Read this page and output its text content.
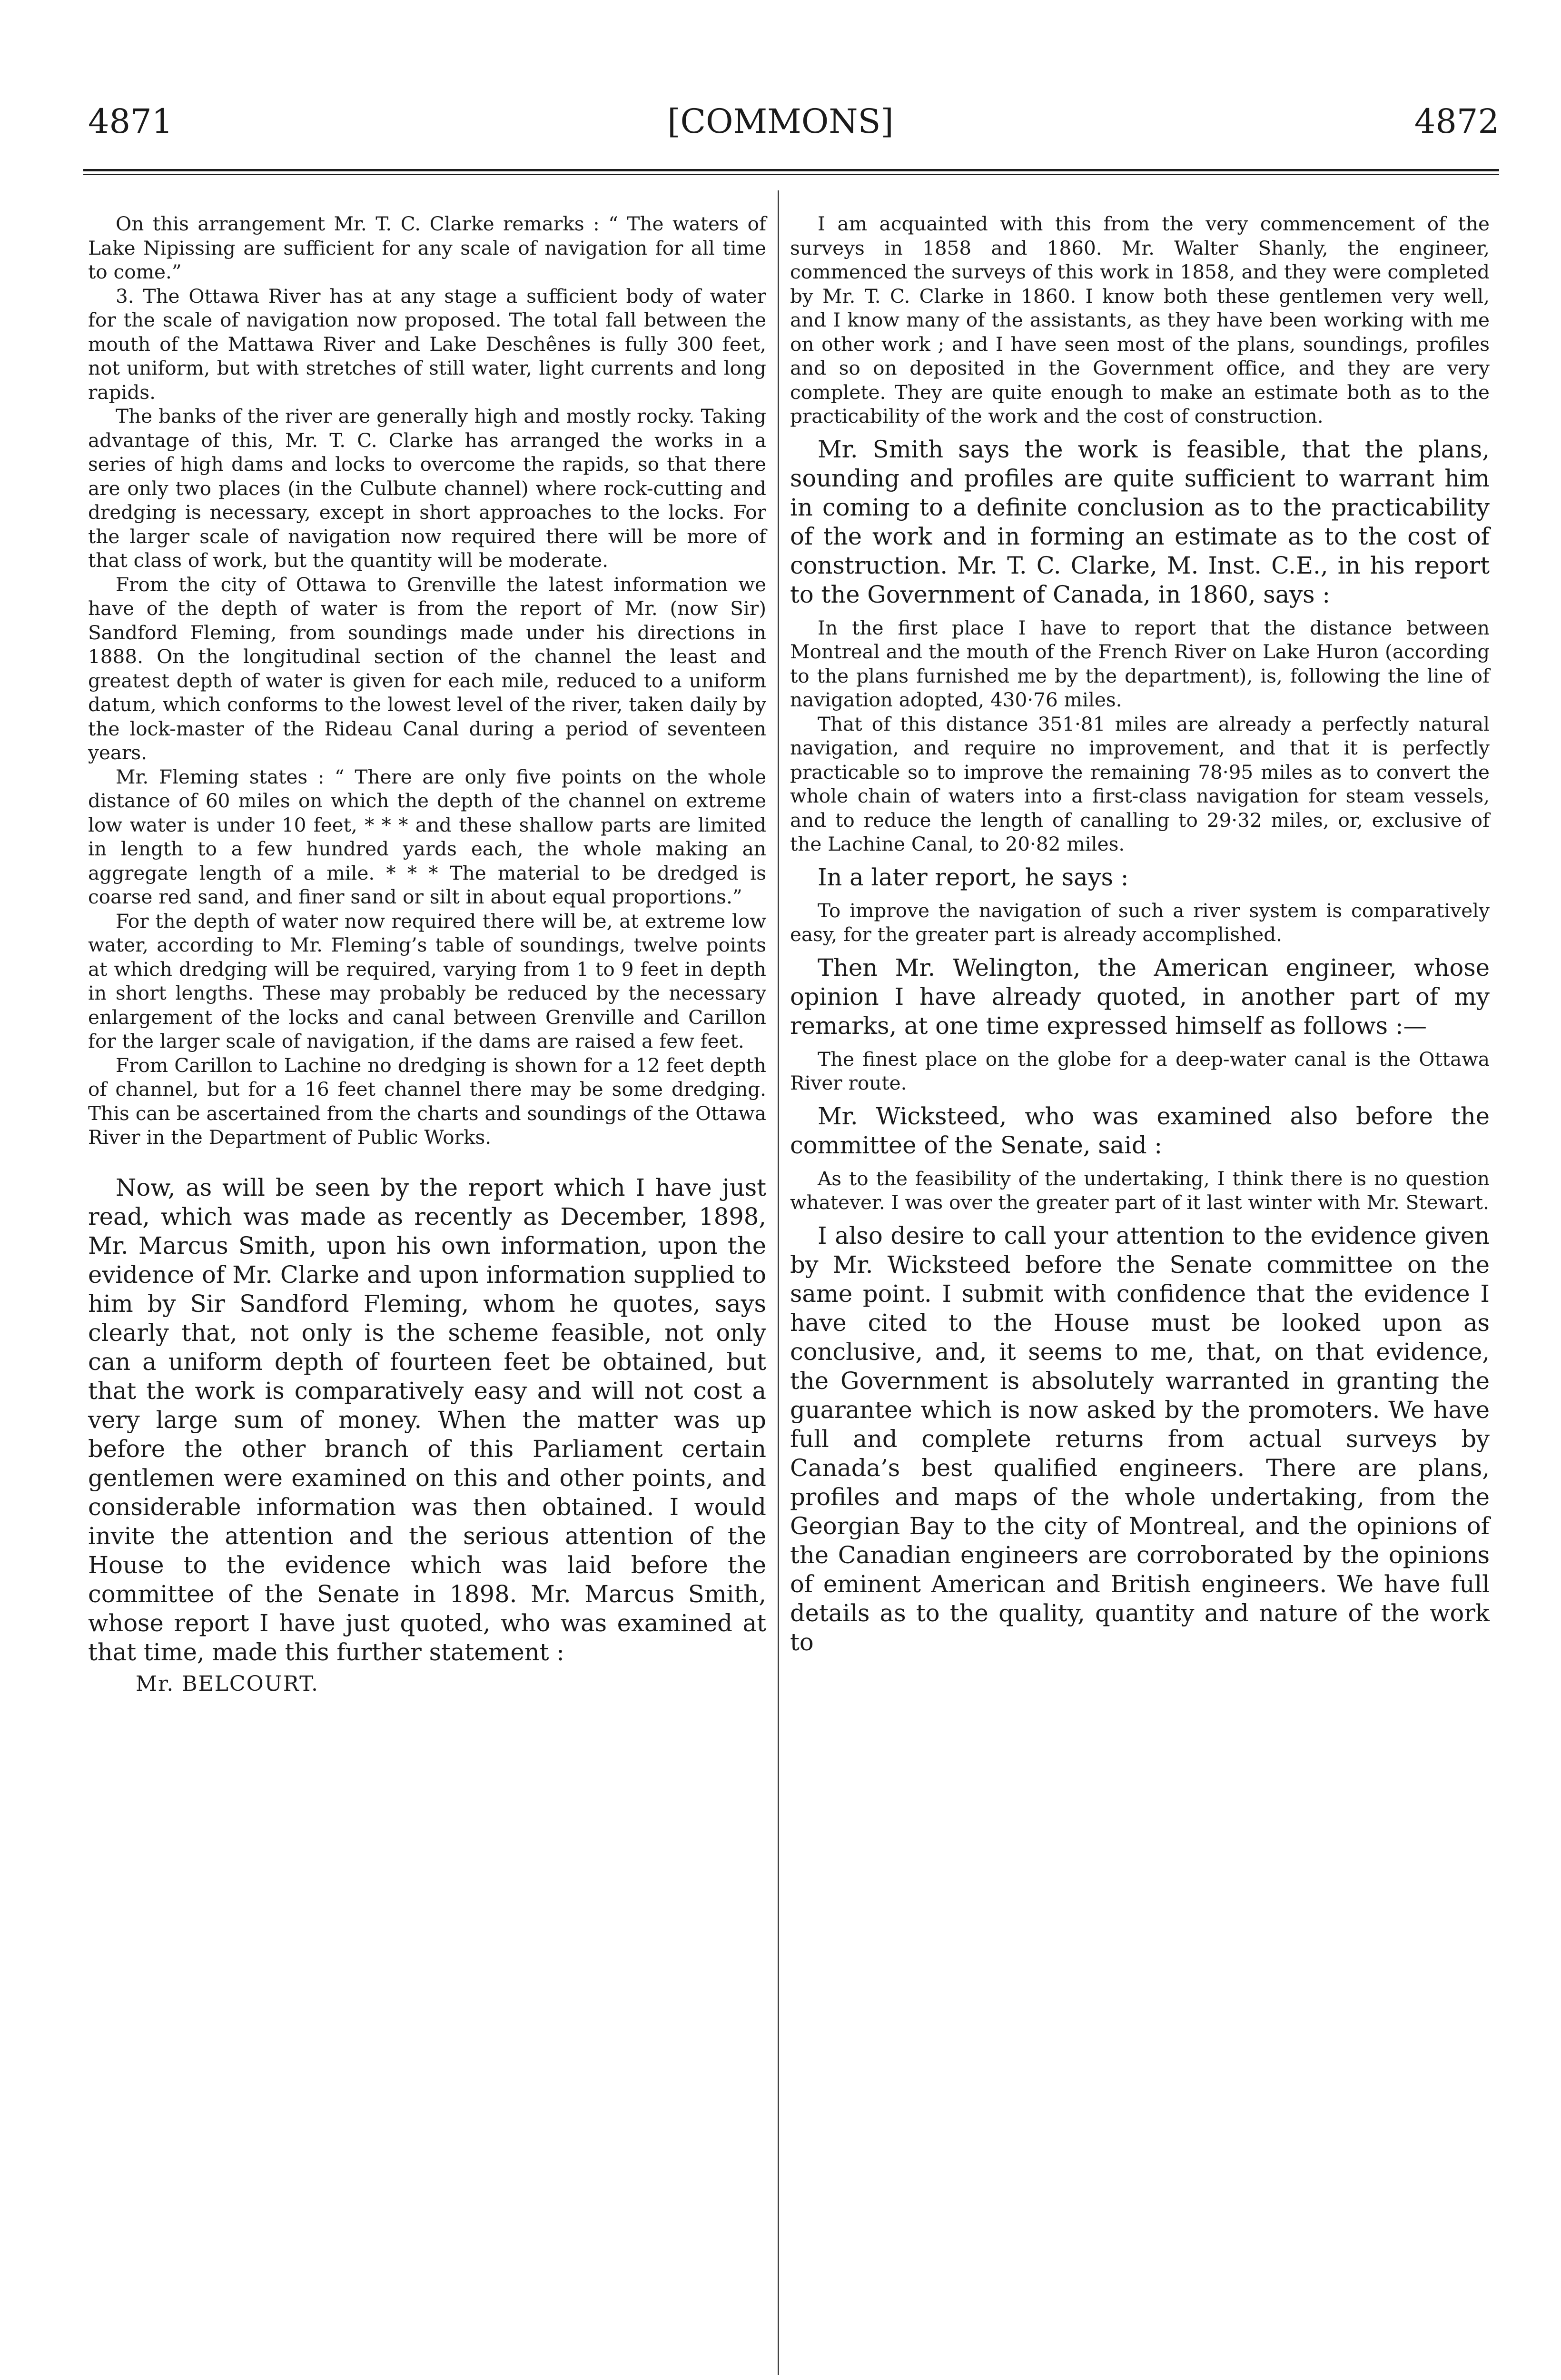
4871	[COMMONS]	4872

On this arrangement Mr. T. C. Clarke remarks : “ The waters of Lake Nipissing are sufficient for any scale of navigation for all time to come.”

3. The Ottawa River has at any stage a sufficient body of water for the scale of navigation now proposed. The total fall between the mouth of the Mattawa River and Lake Deschênes is fully 300 feet, not uniform, but with stretches of still water, light currents and long rapids.

The banks of the river are generally high and mostly rocky. Taking advantage of this, Mr. T. C. Clarke has arranged the works in a series of high dams and locks to overcome the rapids, so that there are only two places (in the Culbute channel) where rock-cutting and dredging is necessary, except in short approaches to the locks. For the larger scale of navigation now required there will be more of that class of work, but the quantity will be moderate.

From the city of Ottawa to Grenville the latest information we have of the depth of water is from the report of Mr. (now Sir) Sandford Fleming, from soundings made under his directions in 1888. On the longitudinal section of the channel the least and greatest depth of water is given for each mile, reduced to a uniform datum, which conforms to the lowest level of the river, taken daily by the lock-master of the Rideau Canal during a period of seventeen years.

Mr. Fleming states : “ There are only five points on the whole distance of 60 miles on which the depth of the channel on extreme low water is under 10 feet, * * * and these shallow parts are limited in length to a few hundred yards each, the whole making an aggregate length of a mile. * * * The material to be dredged is coarse red sand, and finer sand or silt in about equal proportions.”

For the depth of water now required there will be, at extreme low water, according to Mr. Fleming’s table of soundings, twelve points at which dredging will be required, varying from 1 to 9 feet in depth in short lengths. These may probably be reduced by the necessary enlargement of the locks and canal between Grenville and Carillon for the larger scale of navigation, if the dams are raised a few feet.

From Carillon to Lachine no dredging is shown for a 12 feet depth of channel, but for a 16 feet channel there may be some dredging. This can be ascertained from the charts and soundings of the Ottawa River in the Department of Public Works.

Now, as will be seen by the report which I have just read, which was made as recently as December, 1898, Mr. Marcus Smith, upon his own information, upon the evidence of Mr. Clarke and upon information supplied to him by Sir Sandford Fleming, whom he quotes, says clearly that, not only is the scheme feasible, not only can a uniform depth of fourteen feet be obtained, but that the work is comparatively easy and will not cost a very large sum of money. When the matter was up before the other branch of this Parliament certain gentlemen were examined on this and other points, and considerable information was then obtained. I would invite the attention and the serious attention of the House to the evidence which was laid before the committee of the Senate in 1898. Mr. Marcus Smith, whose report I have just quoted, who was examined at that time, made this further statement :

Mr. BELCOURT.

I am acquainted with this from the very commencement of the surveys in 1858 and 1860. Mr. Walter Shanly, the engineer, commenced the surveys of this work in 1858, and they were completed by Mr. T. C. Clarke in 1860. I know both these gentlemen very well, and I know many of the assistants, as they have been working with me on other work ; and I have seen most of the plans, soundings, profiles and so on deposited in the Government office, and they are very complete. They are quite enough to make an estimate both as to the practicability of the work and the cost of construction.

Mr. Smith says the work is feasible, that the plans, sounding and profiles are quite sufficient to warrant him in coming to a definite conclusion as to the practicability of the work and in forming an estimate as to the cost of construction. Mr. T. C. Clarke, M. Inst. C.E., in his report to the Government of Canada, in 1860, says :

In the first place I have to report that the distance between Montreal and the mouth of the French River on Lake Huron (according to the plans furnished me by the department), is, following the line of navigation adopted, 430·76 miles.

That of this distance 351·81 miles are already a perfectly natural navigation, and require no improvement, and that it is perfectly practicable so to improve the remaining 78·95 miles as to convert the whole chain of waters into a first-class navigation for steam vessels, and to reduce the length of canalling to 29·32 miles, or, exclusive of the Lachine Canal, to 20·82 miles.

In a later report, he says :

To improve the navigation of such a river system is comparatively easy, for the greater part is already accomplished.

Then Mr. Welington, the American engineer, whose opinion I have already quoted, in another part of my remarks, at one time expressed himself as follows :—

The finest place on the globe for a deep-water canal is the Ottawa River route.

Mr. Wicksteed, who was examined also before the committee of the Senate, said :

As to the feasibility of the undertaking, I think there is no question whatever. I was over the greater part of it last winter with Mr. Stewart.

I also desire to call your attention to the evidence given by Mr. Wicksteed before the Senate committee on the same point. I submit with confidence that the evidence I have cited to the House must be looked upon as conclusive, and, it seems to me, that, on that evidence, the Government is absolutely warranted in granting the guarantee which is now asked by the promoters. We have full and complete returns from actual surveys by Canada’s best qualified engineers. There are plans, profiles and maps of the whole undertaking, from the Georgian Bay to the city of Montreal, and the opinions of the Canadian engineers are corroborated by the opinions of eminent American and British engineers. We have full details as to the quality, quantity and nature of the work to
